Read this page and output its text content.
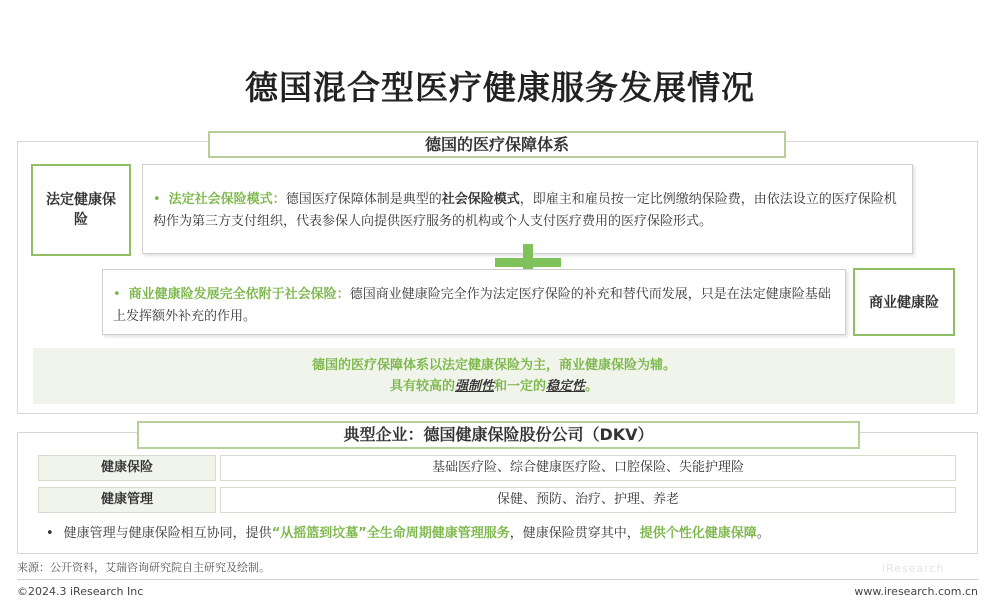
德国混合型医疗健康服务发展情况
德国的医疗保障体系
法定健康保险
• 法定社会保险模式：德国医疗保障体制是典型的社会保险模式，即雇主和雇员按一定比例缴纳保险费，由依法设立的医疗保险机构作为第三方支付组织，代表参保人向提供医疗服务的机构或个人支付医疗费用的医疗保险形式。
• 商业健康险发展完全依附于社会保险：德国商业健康险完全作为法定医疗保险的补充和替代而发展，只是在法定健康险基础上发挥额外补充的作用。
商业健康险
德国的医疗保障体系以法定健康保险为主，商业健康保险为辅。
具有较高的强制性和一定的稳定性。
典型企业：德国健康保险股份公司（DKV）
健康保险	基础医疗险、综合健康医疗险、口腔保险、失能护理险
健康管理	保健、预防、治疗、护理、养老
• 健康管理与健康保险相互协同，提供“从摇篮到坟墓”全生命周期健康管理服务，健康保险贯穿其中，提供个性化健康保障。
来源：公开资料，艾瑞咨询研究院自主研究及绘制。	iResearch
©2024.3 iResearch Inc	www.iresearch.com.cn
